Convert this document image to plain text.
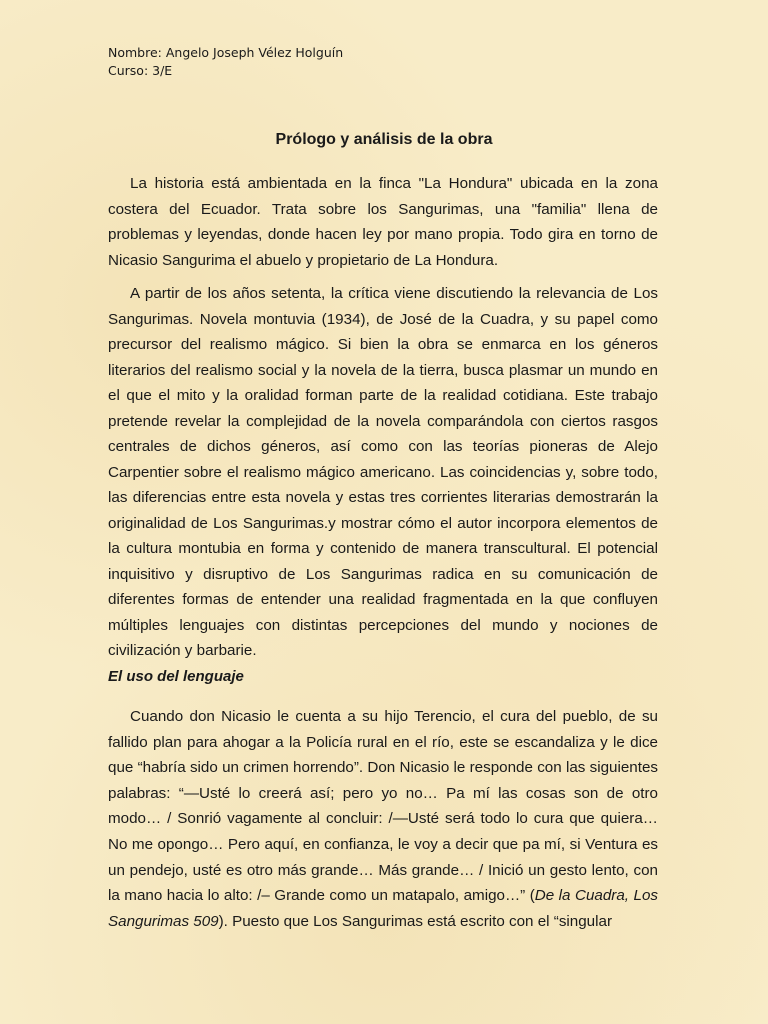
Nombre: Angelo Joseph Vélez Holguín
Curso: 3/E
Prólogo y análisis de la obra

La historia está ambientada en la finca "La Hondura" ubicada en la zona costera del Ecuador. Trata sobre los Sangurimas, una "familia" llena de problemas y leyendas, donde hacen ley por mano propia. Todo gira en torno de Nicasio Sangurima el abuelo y propietario de La Hondura.

A partir de los años setenta, la crítica viene discutiendo la relevancia de Los Sangurimas. Novela montuvia (1934), de José de la Cuadra, y su papel como precursor del realismo mágico. Si bien la obra se enmarca en los géneros literarios del realismo social y la novela de la tierra, busca plasmar un mundo en el que el mito y la oralidad forman parte de la realidad cotidiana. Este trabajo pretende revelar la complejidad de la novela comparándola con ciertos rasgos centrales de dichos géneros, así como con las teorías pioneras de Alejo Carpentier sobre el realismo mágico americano. Las coincidencias y, sobre todo, las diferencias entre esta novela y estas tres corrientes literarias demostrarán la originalidad de Los Sangurimas.y mostrar cómo el autor incorpora elementos de la cultura montubia en forma y contenido de manera transcultural. El potencial inquisitivo y disruptivo de Los Sangurimas radica en su comunicación de diferentes formas de entender una realidad fragmentada en la que confluyen múltiples lenguajes con distintas percepciones del mundo y nociones de civilización y barbarie.

El uso del lenguaje

Cuando don Nicasio le cuenta a su hijo Terencio, el cura del pueblo, de su fallido plan para ahogar a la Policía rural en el río, este se escandaliza y le dice que “habría sido un crimen horrendo”. Don Nicasio le responde con las siguientes palabras: “—Usté lo creerá así; pero yo no… Pa mí las cosas son de otro modo… / Sonrió vagamente al concluir: /—Usté será todo lo cura que quiera… No me opongo… Pero aquí, en confianza, le voy a decir que pa mí, si Ventura es un pendejo, usté es otro más grande… Más grande… / Inició un gesto lento, con la mano hacia lo alto: /– Grande como un matapalo, amigo…” (De la Cuadra, Los Sangurimas 509). Puesto que Los Sangurimas está escrito con el “singular
